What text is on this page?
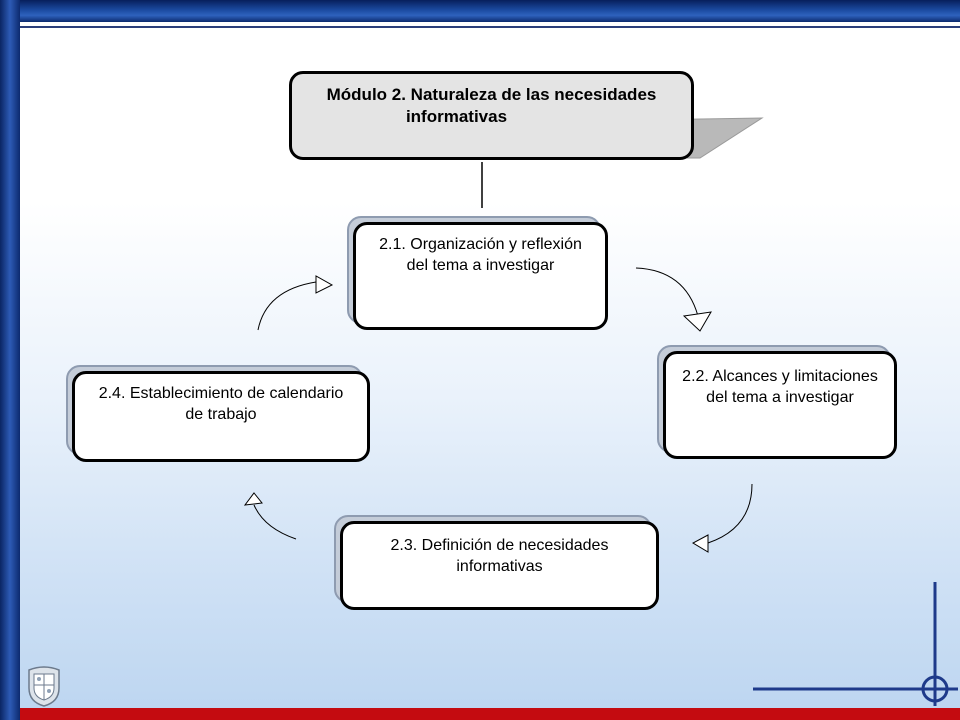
Módulo 2. Naturaleza de las necesidades
informativas
2.1. Organización y reflexión del tema a investigar
2.2. Alcances y limitaciones del tema a investigar
2.3. Definición de necesidades informativas
2.4. Establecimiento de calendario de trabajo
